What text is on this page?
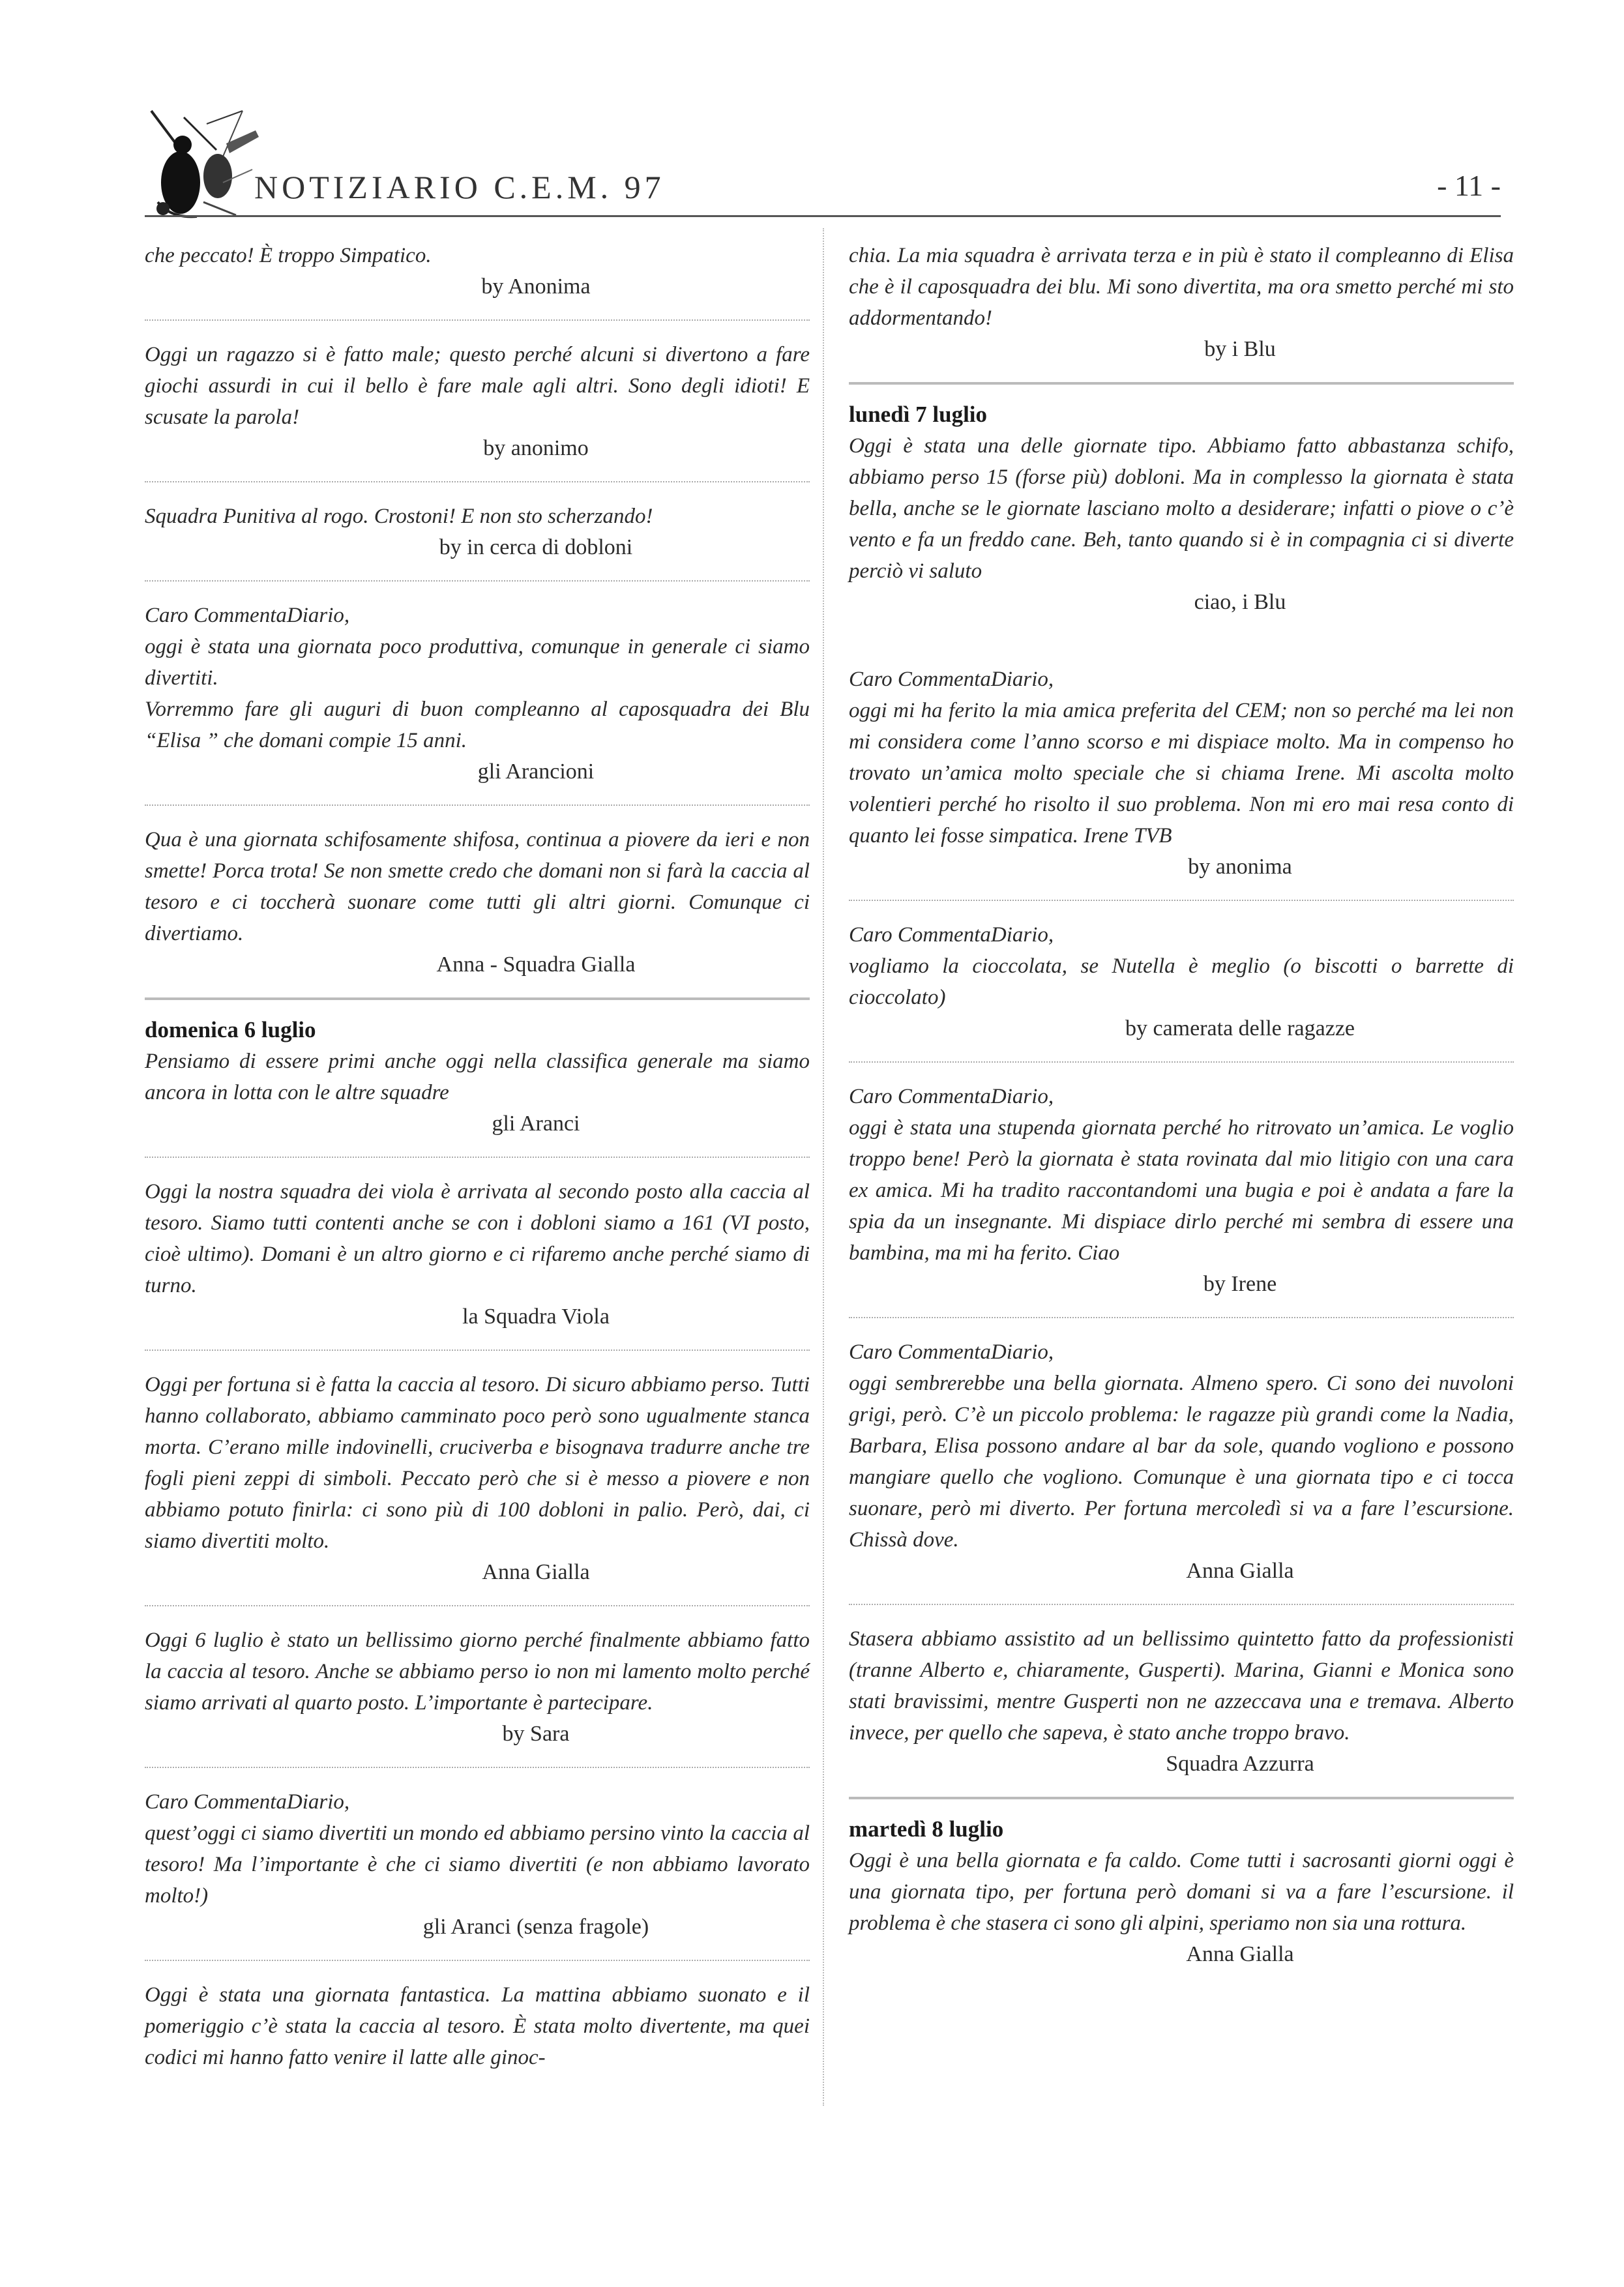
NOTIZIARIO C.E.M. 97	- 11 -

che peccato! È troppo Simpatico.

by Anonima

Oggi un ragazzo si è fatto male; questo perché alcuni si divertono a fare giochi assurdi in cui il bello è fare male agli altri. Sono degli idioti! E scusate la parola!

by anonimo

Squadra Punitiva al rogo. Crostoni! E non sto scherzando!

by in cerca di dobloni

Caro CommentaDiario,

oggi è stata una giornata poco produttiva, comunque in generale ci siamo divertiti.

Vorremmo fare gli auguri di buon compleanno al caposquadra dei Blu “Elisa ” che domani compie 15 anni.

gli Arancioni

Qua è una giornata schifosamente shifosa, continua a piovere da ieri e non smette! Porca trota! Se non smette credo che domani non si farà la caccia al tesoro e ci toccherà suonare come tutti gli altri giorni. Comunque ci divertiamo.

Anna - Squadra Gialla

domenica 6 luglio

Pensiamo di essere primi anche oggi nella classifica generale ma siamo ancora in lotta con le altre squadre

gli Aranci

Oggi la nostra squadra dei viola è arrivata al secondo posto alla caccia al tesoro. Siamo tutti contenti anche se con i dobloni siamo a 161 (VI posto, cioè ultimo). Domani è un altro giorno e ci rifaremo anche perché siamo di turno.

la Squadra Viola

Oggi per fortuna si è fatta la caccia al tesoro. Di sicuro abbiamo perso. Tutti hanno collaborato, abbiamo camminato poco però sono ugualmente stanca morta. C’erano mille indovinelli, cruciverba e bisognava tradurre anche tre fogli pieni zeppi di simboli. Peccato però che si è messo a piovere e non abbiamo potuto finirla: ci sono più di 100 dobloni in palio. Però, dai, ci siamo divertiti molto.

Anna Gialla

Oggi 6 luglio è stato un bellissimo giorno perché finalmente abbiamo fatto la caccia al tesoro. Anche se abbiamo perso io non mi lamento molto perché siamo arrivati al quarto posto. L’importante è partecipare.

by Sara

Caro CommentaDiario,

quest’oggi ci siamo divertiti un mondo ed abbiamo persino vinto la caccia al tesoro! Ma l’importante è che ci siamo divertiti (e non abbiamo lavorato molto!)

gli Aranci (senza fragole)

Oggi è stata una giornata fantastica. La mattina abbiamo suonato e il pomeriggio c’è stata la caccia al tesoro. È stata molto divertente, ma quei codici mi hanno fatto venire il latte alle ginoc-

chia. La mia squadra è arrivata terza e in più è stato il compleanno di Elisa che è il caposquadra dei blu. Mi sono divertita, ma ora smetto perché mi sto addormentando!

by i Blu

lunedì 7 luglio

Oggi è stata una delle giornate tipo. Abbiamo fatto abbastanza schifo, abbiamo perso 15 (forse più) dobloni. Ma in complesso la giornata è stata bella, anche se le giornate lasciano molto a desiderare; infatti o piove o c’è vento e fa un freddo cane. Beh, tanto quando si è in compagnia ci si diverte perciò vi saluto

ciao, i Blu

Caro CommentaDiario,

oggi mi ha ferito la mia amica preferita del CEM; non so perché ma lei non mi considera come l’anno scorso e mi dispiace molto. Ma in compenso ho trovato un’amica molto speciale che si chiama Irene. Mi ascolta molto volentieri perché ho risolto il suo problema. Non mi ero mai resa conto di quanto lei fosse simpatica. Irene TVB

by anonima

Caro CommentaDiario,

vogliamo la cioccolata, se Nutella è meglio (o biscotti o barrette di cioccolato)

by camerata delle ragazze

Caro CommentaDiario,

oggi è stata una stupenda giornata perché ho ritrovato un’amica. Le voglio troppo bene! Però la giornata è stata rovinata dal mio litigio con una cara ex amica. Mi ha tradito raccontandomi una bugia e poi è andata a fare la spia da un insegnante. Mi dispiace dirlo perché mi sembra di essere una bambina, ma mi ha ferito. Ciao

by Irene

Caro CommentaDiario,

oggi sembrerebbe una bella giornata. Almeno spero. Ci sono dei nuvoloni grigi, però. C’è un piccolo problema: le ragazze più grandi come la Nadia, Barbara, Elisa possono andare al bar da sole, quando vogliono e possono mangiare quello che vogliono. Comunque è una giornata tipo e ci tocca suonare, però mi diverto. Per fortuna mercoledì si va a fare l’escursione. Chissà dove.

Anna Gialla

Stasera abbiamo assistito ad un bellissimo quintetto fatto da professionisti (tranne Alberto e, chiaramente, Gusperti). Marina, Gianni e Monica sono stati bravissimi, mentre Gusperti non ne azzeccava una e tremava. Alberto invece, per quello che sapeva, è stato anche troppo bravo.

Squadra Azzurra

martedì 8 luglio

Oggi è una bella giornata e fa caldo. Come tutti i sacrosanti giorni oggi è una giornata tipo, per fortuna però domani si va a fare l’escursione. il problema è che stasera ci sono gli alpini, speriamo non sia una rottura.

Anna Gialla
